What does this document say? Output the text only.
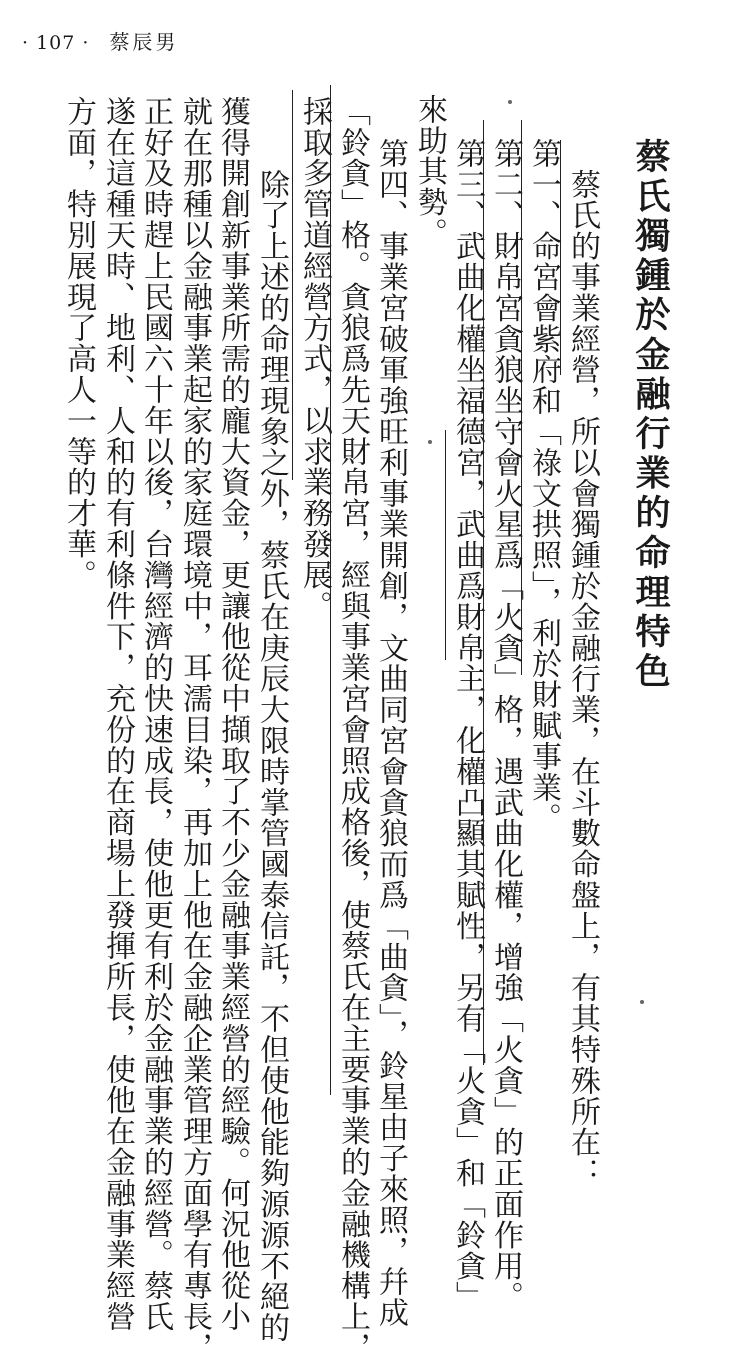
· 107 · 蔡辰男
蔡氏獨鍾於金融行業的命理特色
　蔡氏的事業經營，所以會獨鍾於金融行業，在斗數命盤上，有其特殊所在：
第一、命宮會紫府和「祿文拱照」，利於財賦事業。
第二、財帛宮貪狼坐守會火星爲「火貪」格，遇武曲化權，增強「火貪」的正面作用。
第三、武曲化權坐福德宮，武曲爲財帛主，化權凸顯其賦性，另有「火貪」和「鈴貪」
來助其勢。
第四、事業宮破軍強旺利事業開創，文曲同宮會貪狼而爲「曲貪」，鈴星由子來照，幷成
「鈴貪」格。貪狼爲先天財帛宮，經與事業宮會照成格後，使蔡氏在主要事業的金融機構上，
採取多管道經營方式，以求業務發展。
　除了上述的命理現象之外，蔡氏在庚辰大限時掌管國泰信託，不但使他能夠源源不絕的
獲得開創新事業所需的龐大資金，更讓他從中擷取了不少金融事業經營的經驗。何況他從小
就在那種以金融事業起家的家庭環境中，耳濡目染，再加上他在金融企業管理方面學有專長，
正好及時趕上民國六十年以後，台灣經濟的快速成長，使他更有利於金融事業的經營。蔡氏
遂在這種天時、地利、人和的有利條件下，充份的在商場上發揮所長，使他在金融事業經營
方面，特別展現了高人一等的才華。
